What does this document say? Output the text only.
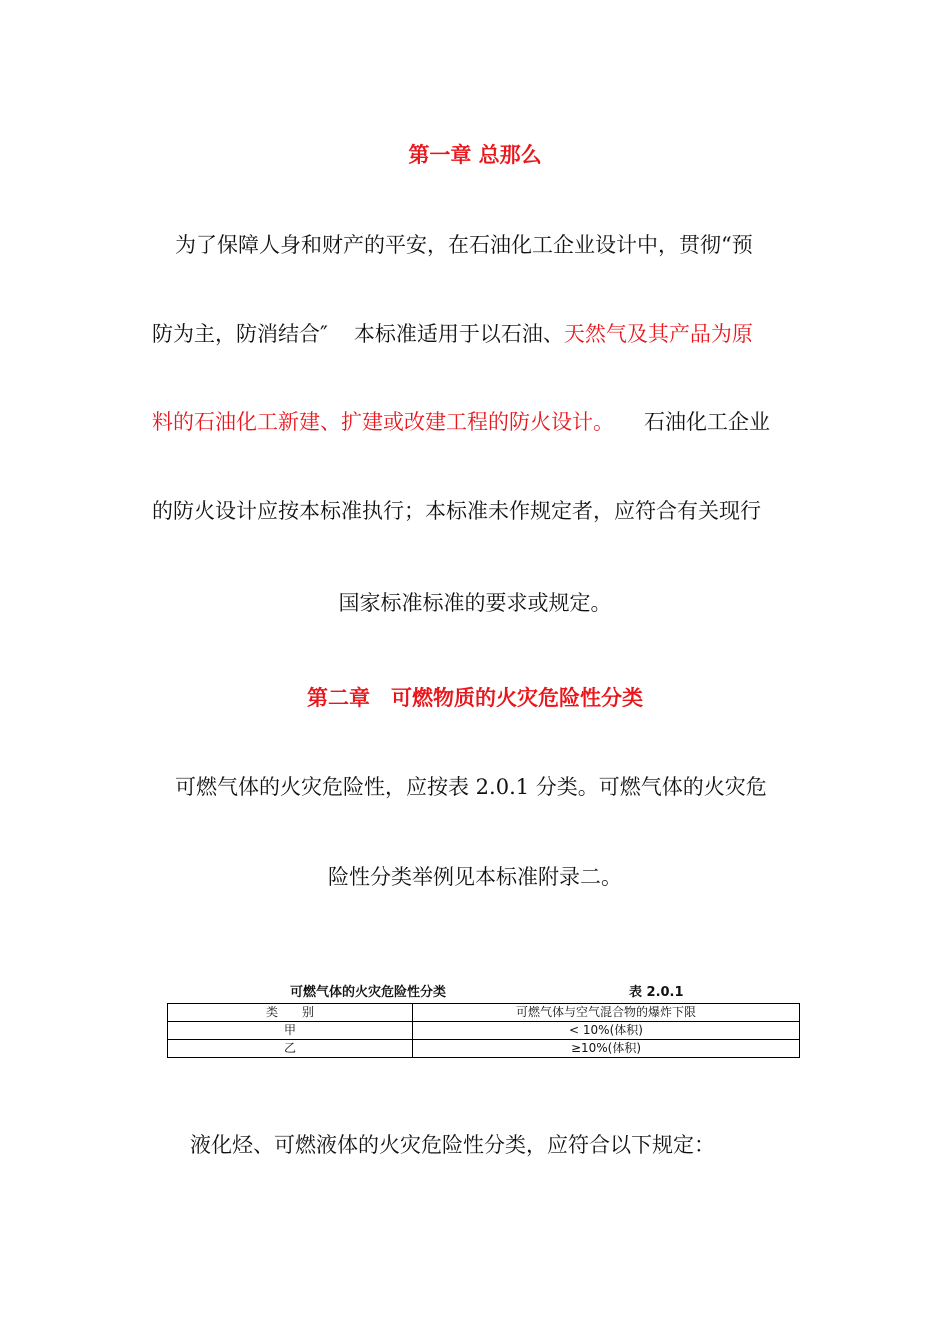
第一章 总那么
为了保障人身和财产的平安，在石油化工企业设计中，贯彻“预
防为主，防消结合″ 本标准适用于以石油、天然气及其产品为原
料的石油化工新建、扩建或改建工程的防火设计。 石油化工企业
的防火设计应按本标准执行；本标准未作规定者，应符合有关现行
国家标准标准的要求或规定。
第二章　可燃物质的火灾危险性分类
可燃气体的火灾危险性，应按表 2.0.1 分类。可燃气体的火灾危
险性分类举例见本标准附录二。
可燃气体的火灾危险性分类	表 2.0.1
类　　别	可燃气体与空气混合物的爆炸下限
甲	< 10%(体积)
乙	≥10%(体积)
液化烃、可燃液体的火灾危险性分类，应符合以下规定：
